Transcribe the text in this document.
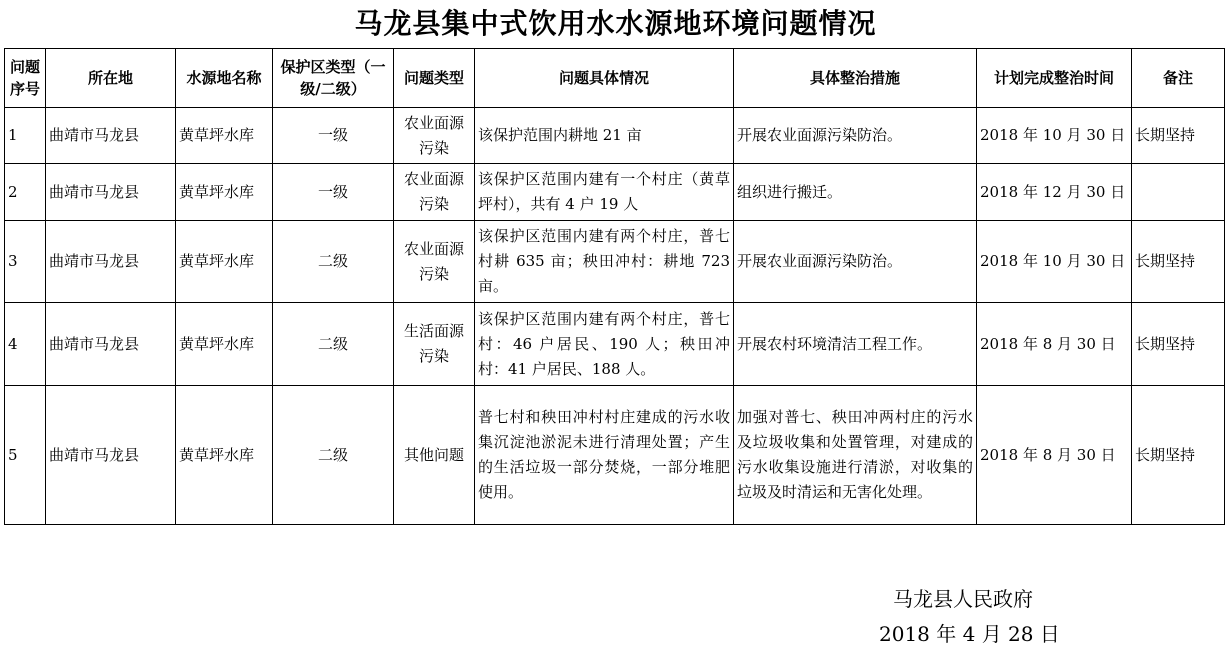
马龙县集中式饮用水水源地环境问题情况
问题序号	所在地	水源地名称	保护区类型（一级/二级）	问题类型	问题具体情况	具体整治措施	计划完成整治时间	备注
1	曲靖市马龙县	黄草坪水库	一级	农业面源污染	该保护范围内耕地 21 亩	开展农业面源污染防治。	2018 年 10 月 30 日	长期坚持
2	曲靖市马龙县	黄草坪水库	一级	农业面源污染	该保护区范围内建有一个村庄（黄草坪村），共有 4 户 19 人	组织进行搬迁。	2018 年 12 月 30 日	
3	曲靖市马龙县	黄草坪水库	二级	农业面源污染	该保护区范围内建有两个村庄，普七村耕 635 亩；秧田冲村：耕地 723 亩。	开展农业面源污染防治。	2018 年 10 月 30 日	长期坚持
4	曲靖市马龙县	黄草坪水库	二级	生活面源污染	该保护区范围内建有两个村庄，普七村：46 户居民、190 人；秧田冲村：41 户居民、188 人。	开展农村环境清洁工程工作。	2018 年 8 月 30 日	长期坚持
5	曲靖市马龙县	黄草坪水库	二级	其他问题	普七村和秧田冲村村庄建成的污水收集沉淀池淤泥未进行清理处置；产生的生活垃圾一部分焚烧，一部分堆肥使用。	加强对普七、秧田冲两村庄的污水及垃圾收集和处置管理，对建成的污水收集设施进行清淤，对收集的垃圾及时清运和无害化处理。	2018 年 8 月 30 日	长期坚持
马龙县人民政府
2018 年 4 月 28 日
